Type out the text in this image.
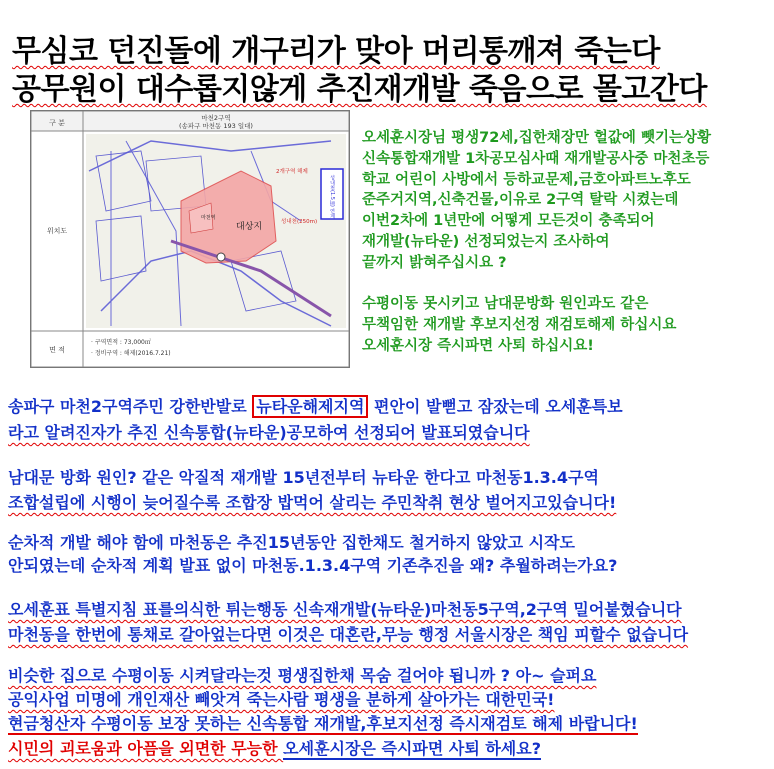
무심코 던진돌에 개구리가 맞아 머리통깨져 죽는다
공무원이 대수롭지않게 추진재개발 죽음으로 몰고간다
구 분
마천2구역
(송파구 마천동 193 일대)
위치도
면 적
대상지
마천역	성내천(1.5㎞) 연계
2개구역 해제
성내천(250m)
· 구역면적 : 73,000㎡
· 정비구역 : 해제(2016.7.21)
오세훈시장님 평생72세,집한채장만 헐값에 뺏기는상황
신속통합재개발 1차공모심사때 재개발공사중 마천초등
학교 어린이 사방에서 등하교문제,금호아파트노후도
준주거지역,신축건물,이유로 2구역 탈락 시켰는데
이번2차에 1년만에 어떻게 모든것이 충족되어
재개발(뉴타운) 선정되었는지 조사하여
끝까지 밝혀주십시요 ?
수평이동 못시키고 남대문방화 원인과도 같은
무책임한 재개발 후보지선정 재검토해제 하십시요
오세훈시장 즉시파면 사퇴 하십시요!
송파구 마천2구역주민 강한반발로 뉴타운해제지역 편안이 발뻗고 잠잤는데 오세훈특보
라고 알려진자가 추진 신속통합(뉴타운)공모하여 선정되어 발표되였습니다
남대문 방화 원인? 같은 악질적 재개발 15년전부터 뉴타운 한다고 마천동1.3.4구역
조합설립에 시행이 늦어질수록 조합장 밥먹어 살리는 주민착취 현상 벌어지고있습니다!
순차적 개발 해야 함에 마천동은 추진15년동안 집한채도 철거하지 않았고 시작도
안되였는데 순차적 계획 발표 없이 마천동.1.3.4구역 기존추진을 왜? 추월하려는가요?
오세훈표 특별지침 표를의식한 튀는행동 신속재개발(뉴타운)마천동5구역,2구역 밀어붙혔습니다
마천동을 한번에 통채로 갈아엎는다면 이것은 대혼란,무능 행정 서울시장은 책임 피할수 없습니다
비슷한 집으로 수평이동 시켜달라는것 평생집한채 목숨 걸어야 됩니까 ? 아~ 슬퍼요
공익사업 미명에 개인재산 빼앗겨 죽는사람 평생을 분하게 살아가는 대한민국!
현금청산자 수평이동 보장 못하는 신속통합 재개발,후보지선정 즉시재검토 해제 바랍니다!
시민의 괴로움과 아픔을 외면한 무능한 오세훈시장은 즉시파면 사퇴 하세요?
